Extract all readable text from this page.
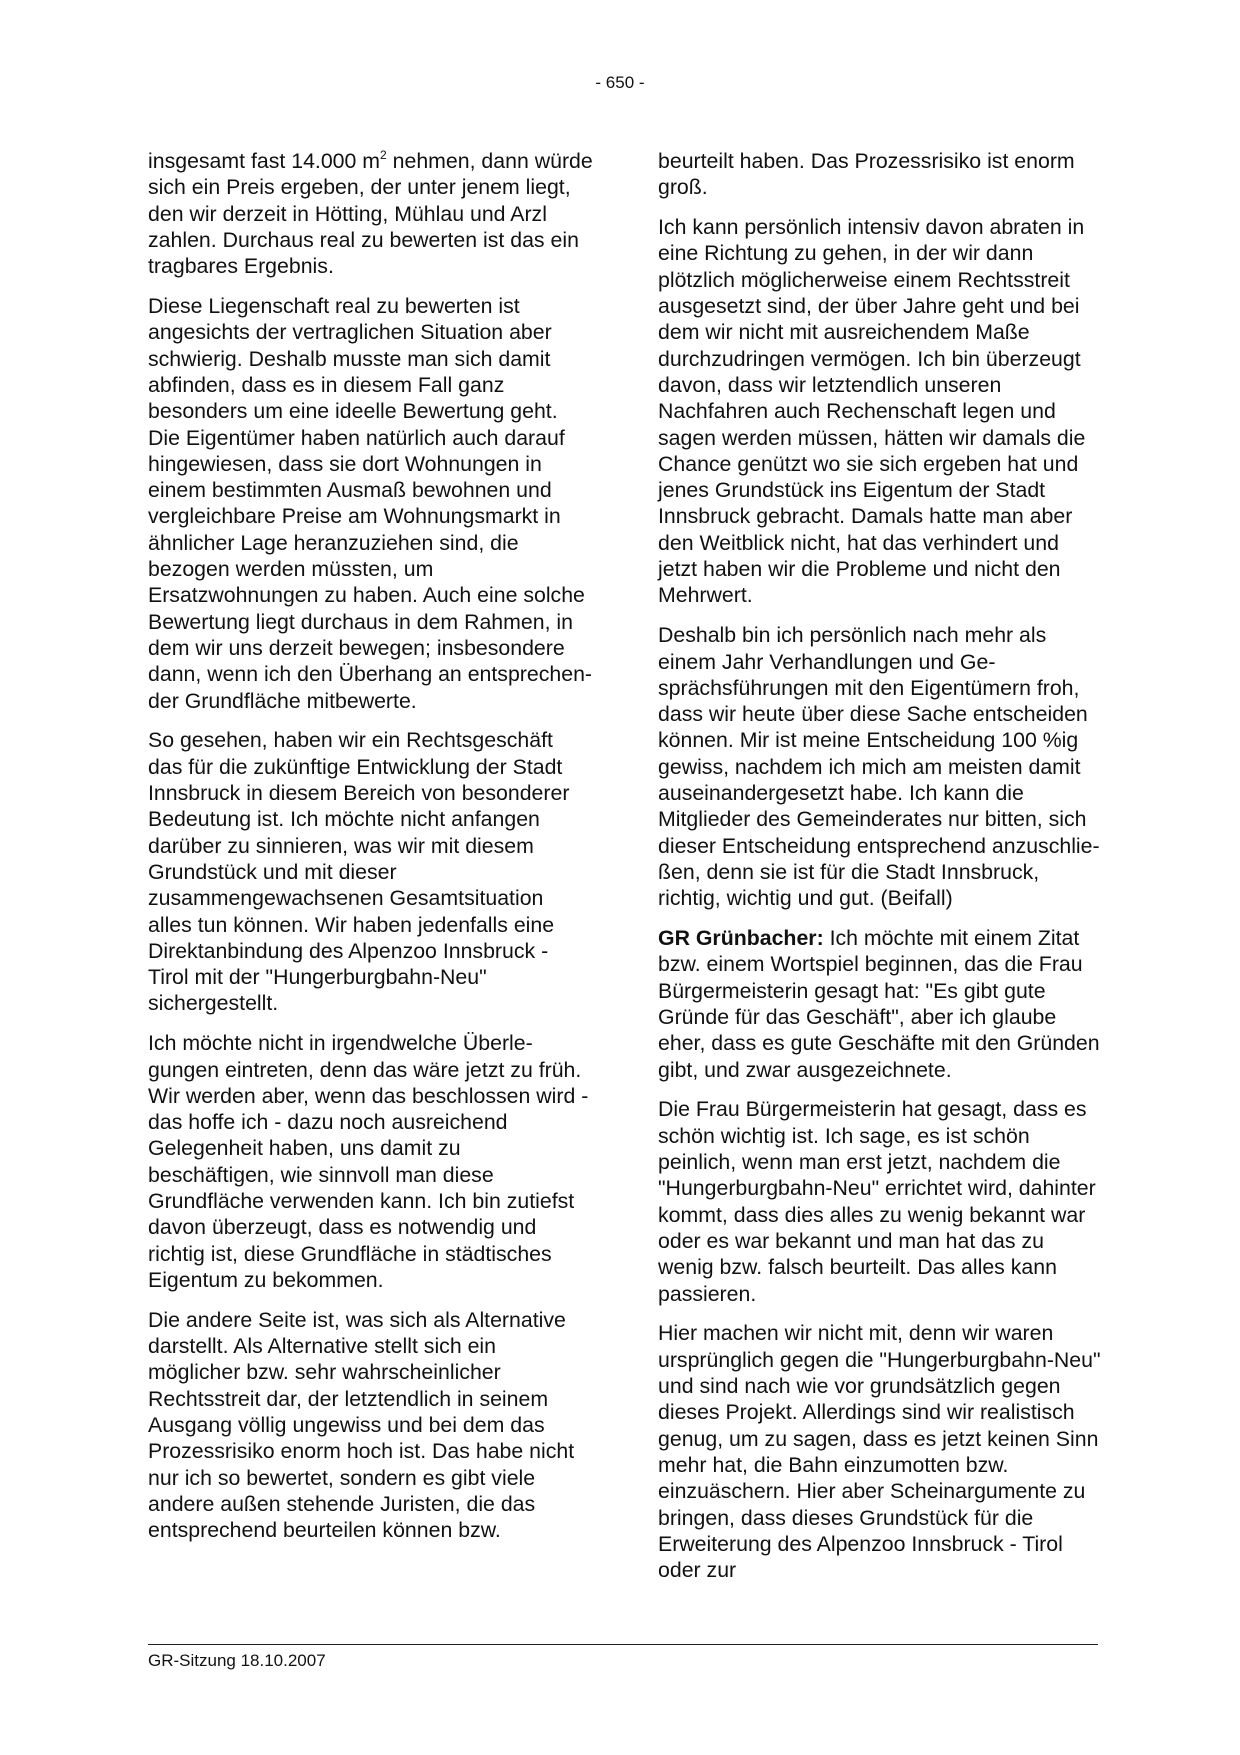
- 650 -

insgesamt fast 14.000 $m^2$ nehmen, dann würde sich ein Preis ergeben, der unter jenem liegt, den wir derzeit in Hötting, Mühlau und Arzl zahlen. Durchaus real zu bewerten ist das ein tragbares Ergebnis.

Diese Liegenschaft real zu bewerten ist angesichts der vertraglichen Situation aber schwierig. Deshalb musste man sich damit abfinden, dass es in diesem Fall ganz besonders um eine ideelle Bewertung geht. Die Eigentümer haben natürlich auch darauf hingewiesen, dass sie dort Wohnungen in einem bestimmten Ausmaß bewohnen und vergleichbare Preise am Wohnungsmarkt in ähnlicher Lage heranzuziehen sind, die bezogen werden müssten, um Ersatzwohnungen zu haben. Auch eine solche Bewertung liegt durchaus in dem Rahmen, in dem wir uns derzeit bewegen; insbesondere dann, wenn ich den Überhang an entsprechender Grundfläche mitbewerte.

So gesehen, haben wir ein Rechtsgeschäft das für die zukünftige Entwicklung der Stadt Innsbruck in diesem Bereich von besonderer Bedeutung ist. Ich möchte nicht anfangen darüber zu sinnieren, was wir mit diesem Grundstück und mit dieser zusammengewachsenen Gesamtsituation alles tun können. Wir haben jedenfalls eine Direktanbindung des Alpenzoo Innsbruck - Tirol mit der "Hungerburgbahn-Neu" sichergestellt.

Ich möchte nicht in irgendwelche Überlegungen eintreten, denn das wäre jetzt zu früh. Wir werden aber, wenn das beschlossen wird - das hoffe ich - dazu noch ausreichend Gelegenheit haben, uns damit zu beschäftigen, wie sinnvoll man diese Grundfläche verwenden kann. Ich bin zutiefst davon überzeugt, dass es notwendig und richtig ist, diese Grundfläche in städtisches Eigentum zu bekommen.

Die andere Seite ist, was sich als Alternative darstellt. Als Alternative stellt sich ein möglicher bzw. sehr wahrscheinlicher Rechtsstreit dar, der letztendlich in seinem Ausgang völlig ungewiss und bei dem das Prozessrisiko enorm hoch ist. Das habe nicht nur ich so bewertet, sondern es gibt viele andere außen stehende Juristen, die das entsprechend beurteilen können bzw.

beurteilt haben. Das Prozessrisiko ist enorm groß.

Ich kann persönlich intensiv davon abraten in eine Richtung zu gehen, in der wir dann plötzlich möglicherweise einem Rechtsstreit ausgesetzt sind, der über Jahre geht und bei dem wir nicht mit ausreichendem Maße durchzudringen vermögen. Ich bin überzeugt davon, dass wir letztendlich unseren Nachfahren auch Rechenschaft legen und sagen werden müssen, hätten wir damals die Chance genützt wo sie sich ergeben hat und jenes Grundstück ins Eigentum der Stadt Innsbruck gebracht. Damals hatte man aber den Weitblick nicht, hat das verhindert und jetzt haben wir die Probleme und nicht den Mehrwert.

Deshalb bin ich persönlich nach mehr als einem Jahr Verhandlungen und Gesprächsführungen mit den Eigentümern froh, dass wir heute über diese Sache entscheiden können. Mir ist meine Entscheidung 100 %ig gewiss, nachdem ich mich am meisten damit auseinandergesetzt habe. Ich kann die Mitglieder des Gemeinderates nur bitten, sich dieser Entscheidung entsprechend anzuschließen, denn sie ist für die Stadt Innsbruck, richtig, wichtig und gut. (Beifall)

GR Grünbacher: Ich möchte mit einem Zitat bzw. einem Wortspiel beginnen, das die Frau Bürgermeisterin gesagt hat: "Es gibt gute Gründe für das Geschäft", aber ich glaube eher, dass es gute Geschäfte mit den Gründen gibt, und zwar ausgezeichnete.

Die Frau Bürgermeisterin hat gesagt, dass es schön wichtig ist. Ich sage, es ist schön peinlich, wenn man erst jetzt, nachdem die "Hungerburgbahn-Neu" errichtet wird, dahinter kommt, dass dies alles zu wenig bekannt war oder es war bekannt und man hat das zu wenig bzw. falsch beurteilt. Das alles kann passieren.

Hier machen wir nicht mit, denn wir waren ursprünglich gegen die "Hungerburgbahn-Neu" und sind nach wie vor grundsätzlich gegen dieses Projekt. Allerdings sind wir realistisch genug, um zu sagen, dass es jetzt keinen Sinn mehr hat, die Bahn einzumotten bzw. einzuäschern. Hier aber Scheinargumente zu bringen, dass dieses Grundstück für die Erweiterung des Alpenzoo Innsbruck - Tirol oder zur

GR-Sitzung 18.10.2007
